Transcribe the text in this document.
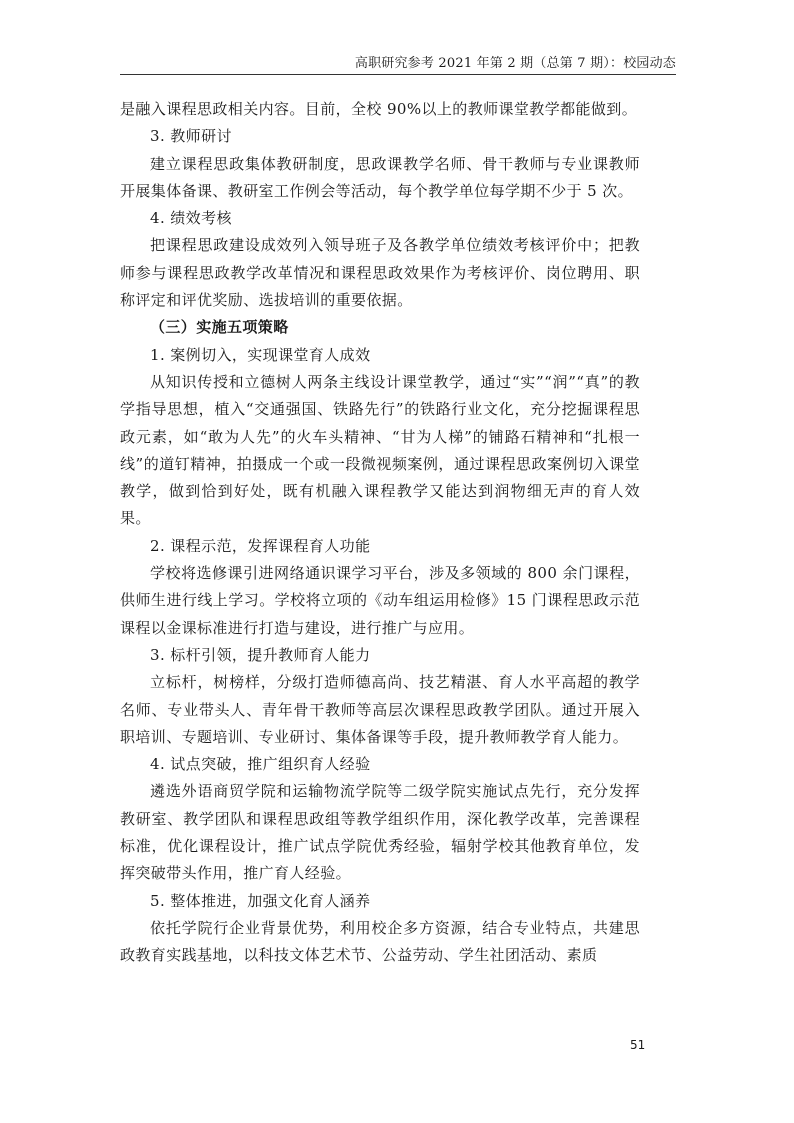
高职研究参考 2021 年第 2 期（总第 7 期）：校园动态

是融入课程思政相关内容。目前，全校 90%以上的教师课堂教学都能做到。

3. 教师研讨

建立课程思政集体教研制度，思政课教学名师、骨干教师与专业课教师开展集体备课、教研室工作例会等活动，每个教学单位每学期不少于 5 次。

4. 绩效考核

把课程思政建设成效列入领导班子及各教学单位绩效考核评价中；把教师参与课程思政教学改革情况和课程思政效果作为考核评价、岗位聘用、职称评定和评优奖励、选拔培训的重要依据。

（三）实施五项策略

1. 案例切入，实现课堂育人成效

从知识传授和立德树人两条主线设计课堂教学，通过“实”“润”“真”的教学指导思想，植入“交通强国、铁路先行”的铁路行业文化，充分挖掘课程思政元素，如“敢为人先”的火车头精神、“甘为人梯”的铺路石精神和“扎根一线”的道钉精神，拍摄成一个或一段微视频案例，通过课程思政案例切入课堂教学，做到恰到好处，既有机融入课程教学又能达到润物细无声的育人效果。

2. 课程示范，发挥课程育人功能

学校将选修课引进网络通识课学习平台，涉及多领域的 800 余门课程，供师生进行线上学习。学校将立项的《动车组运用检修》15 门课程思政示范课程以金课标准进行打造与建设，进行推广与应用。

3. 标杆引领，提升教师育人能力

立标杆，树榜样，分级打造师德高尚、技艺精湛、育人水平高超的教学名师、专业带头人、青年骨干教师等高层次课程思政教学团队。通过开展入职培训、专题培训、专业研讨、集体备课等手段，提升教师教学育人能力。

4. 试点突破，推广组织育人经验

遴选外语商贸学院和运输物流学院等二级学院实施试点先行，充分发挥教研室、教学团队和课程思政组等教学组织作用，深化教学改革，完善课程标准，优化课程设计，推广试点学院优秀经验，辐射学校其他教育单位，发挥突破带头作用，推广育人经验。

5. 整体推进，加强文化育人涵养

依托学院行企业背景优势，利用校企多方资源，结合专业特点，共建思政教育实践基地，以科技文体艺术节、公益劳动、学生社团活动、素质

51
